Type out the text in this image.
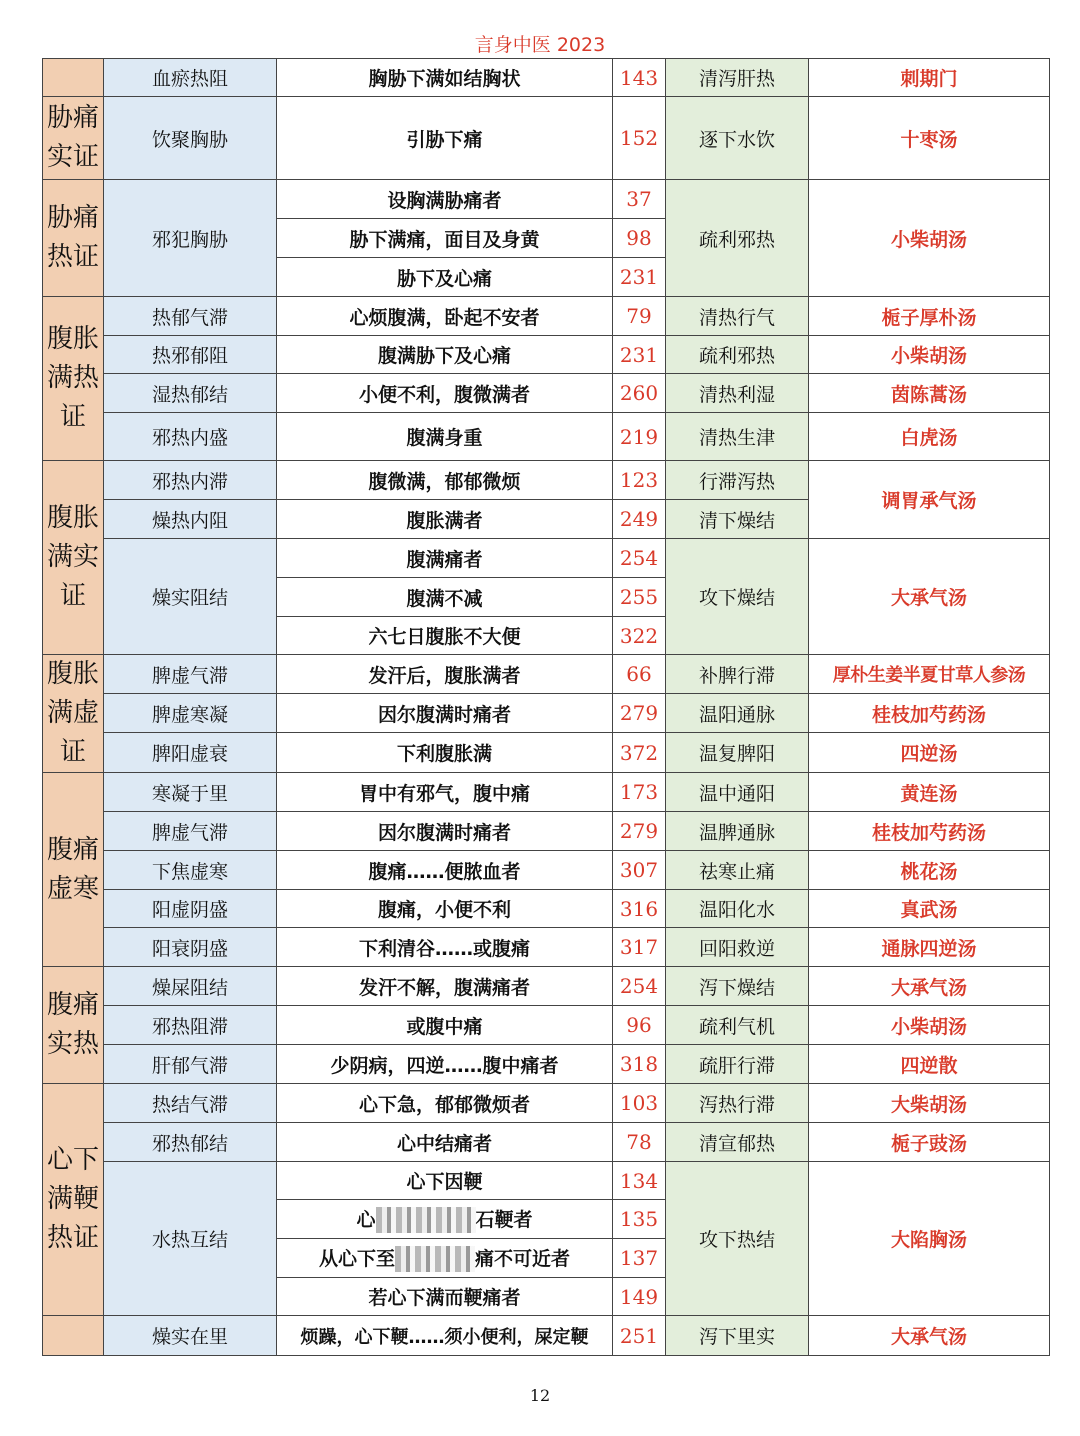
言身中医 2023
	血瘀热阻	胸胁下满如结胸状	143	清泻肝热	刺期门
胁痛实证	饮聚胸胁	引胁下痛	152	逐下水饮	十枣汤
胁痛热证	邪犯胸胁	设胸满胁痛者	37	疏利邪热	小柴胡汤
		胁下满痛，面目及身黄	98		
		胁下及心痛	231		
腹胀满热证	热郁气滞	心烦腹满，卧起不安者	79	清热行气	栀子厚朴汤
	热邪郁阻	腹满胁下及心痛	231	疏利邪热	小柴胡汤
	湿热郁结	小便不利，腹微满者	260	清热利湿	茵陈蒿汤
	邪热内盛	腹满身重	219	清热生津	白虎汤
腹胀满实证	邪热内滞	腹微满，郁郁微烦	123	行滞泻热	调胃承气汤
	燥热内阻	腹胀满者	249	清下燥结	
	燥实阻结	腹满痛者	254	攻下燥结	大承气汤
		腹满不减	255		
		六七日腹胀不大便	322		
腹胀满虚证	脾虚气滞	发汗后，腹胀满者	66	补脾行滞	厚朴生姜半夏甘草人参汤
	脾虚寒凝	因尔腹满时痛者	279	温阳通脉	桂枝加芍药汤
	脾阳虚衰	下利腹胀满	372	温复脾阳	四逆汤
腹痛虚寒	寒凝于里	胃中有邪气，腹中痛	173	温中通阳	黄连汤
	脾虚气滞	因尔腹满时痛者	279	温脾通脉	桂枝加芍药汤
	下焦虚寒	腹痛……便脓血者	307	祛寒止痛	桃花汤
	阳虚阴盛	腹痛，小便不利	316	温阳化水	真武汤
	阳衰阴盛	下利清谷……或腹痛	317	回阳救逆	通脉四逆汤
腹痛实热	燥屎阻结	发汗不解，腹满痛者	254	泻下燥结	大承气汤
	邪热阻滞	或腹中痛	96	疏利气机	小柴胡汤
	肝郁气滞	少阴病，四逆……腹中痛者	318	疏肝行滞	四逆散
心下满鞕热证	热结气滞	心下急，郁郁微烦者	103	泻热行滞	大柴胡汤
	邪热郁结	心中结痛者	78	清宣郁热	栀子豉汤
	水热互结	心下因鞕	134	攻下热结	大陷胸汤
		心 石鞕者	135		
		从心下至 痛不可近者	137		
		若心下满而鞕痛者	149		
	燥实在里	烦躁，心下鞕……须小便利，屎定鞕	251	泻下里实	大承气汤
12
